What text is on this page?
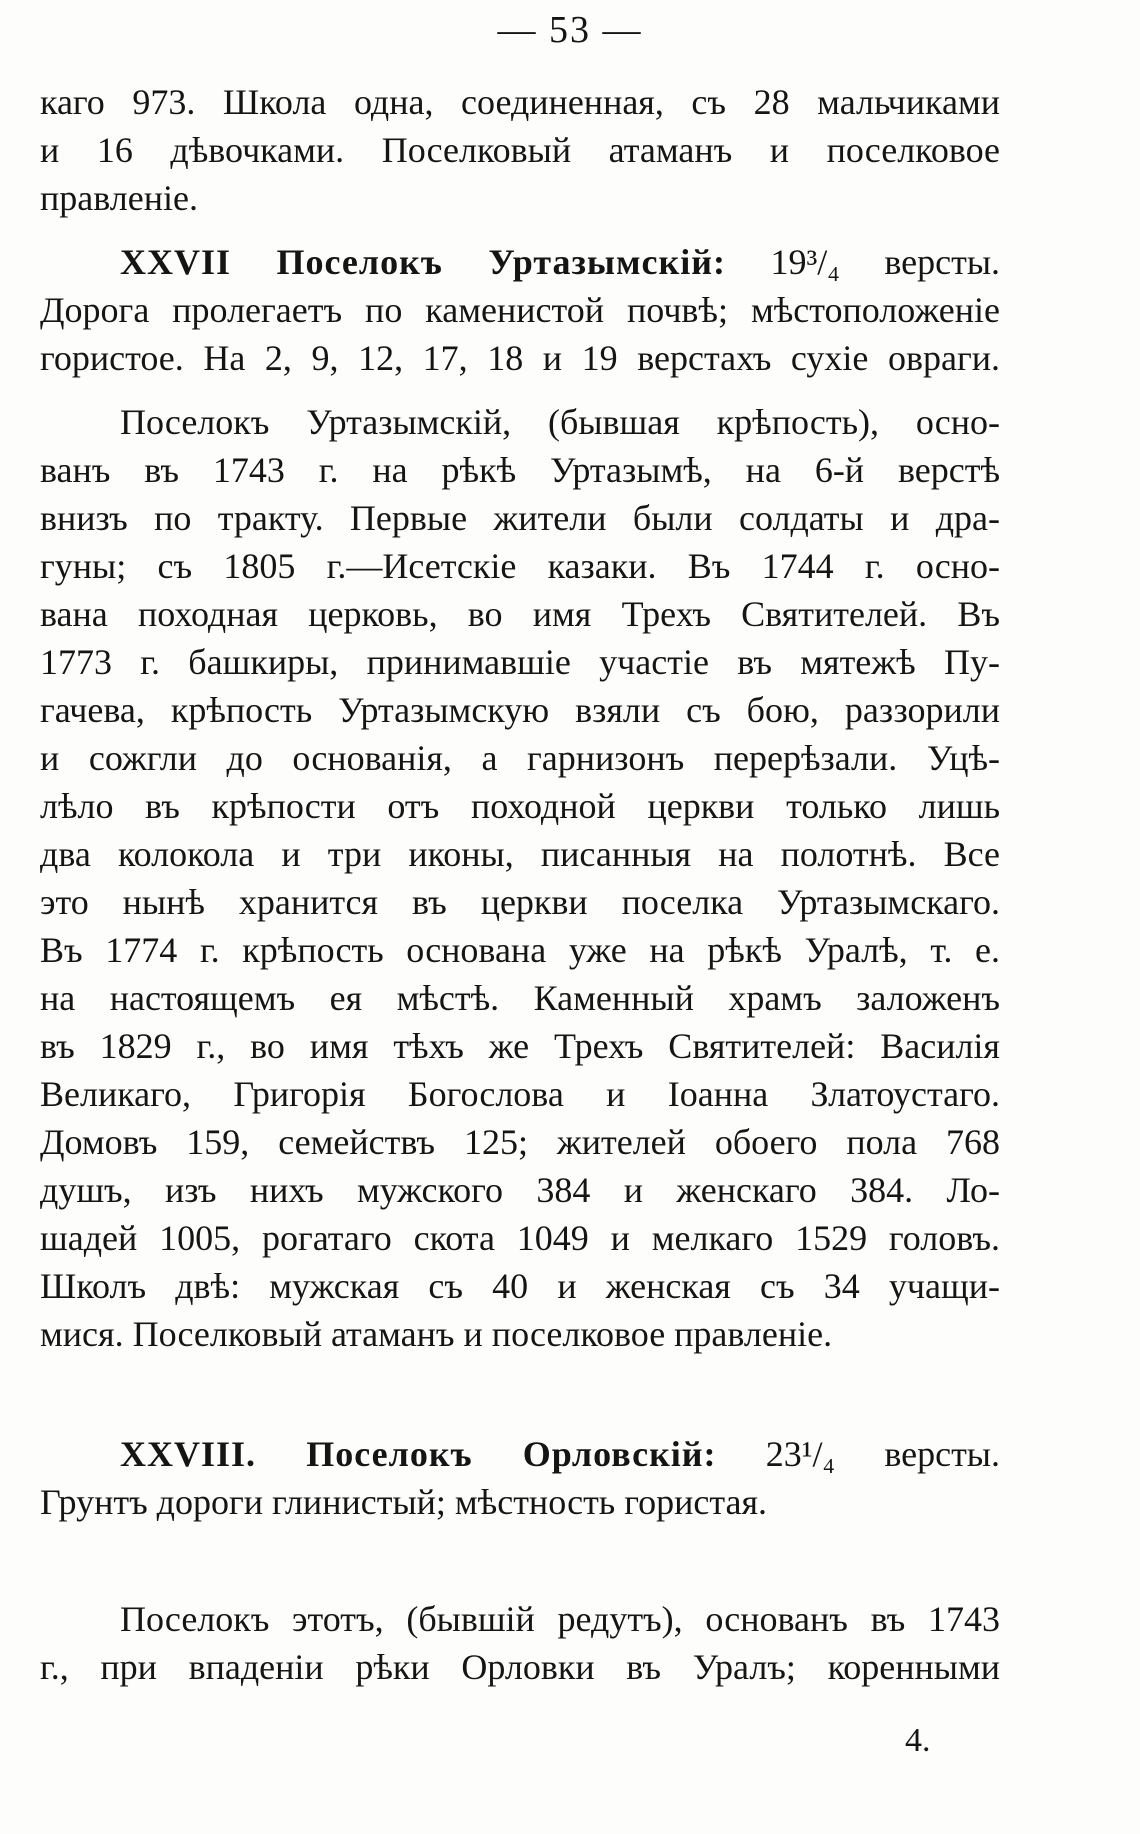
— 53 —
каго 973. Школа одна, соединенная, съ 28 мальчиками
и 16 дѣвочками. Поселковый атаманъ и поселковое
правленіе.
XXVII Поселокъ Уртазымскій: 19³/₄ версты.
Дорога пролегаетъ по каменистой почвѣ; мѣстоположеніе
гористое. На 2, 9, 12, 17, 18 и 19 верстахъ сухіе овраги.
Поселокъ Уртазымскій, (бывшая крѣпость), осно-
ванъ въ 1743 г. на рѣкѣ Уртазымѣ, на 6-й верстѣ
внизъ по тракту. Первые жители были солдаты и дра-
гуны; съ 1805 г.—Исетскіе казаки. Въ 1744 г. осно-
вана походная церковь, во имя Трехъ Святителей. Въ
1773 г. башкиры, принимавшіе участіе въ мятежѣ Пу-
гачева, крѣпость Уртазымскую взяли съ бою, раззорили
и сожгли до основанія, а гарнизонъ перерѣзали. Уцѣ-
лѣло въ крѣпости отъ походной церкви только лишь
два колокола и три иконы, писанныя на полотнѣ. Все
это нынѣ хранится въ церкви поселка Уртазымскаго.
Въ 1774 г. крѣпость основана уже на рѣкѣ Уралѣ, т. е.
на настоящемъ ея мѣстѣ. Каменный храмъ заложенъ
въ 1829 г., во имя тѣхъ же Трехъ Святителей: Василія
Великаго, Григорія Богослова и Іоанна Златоустаго.
Домовъ 159, семействъ 125; жителей обоего пола 768
душъ, изъ нихъ мужского 384 и женскаго 384. Ло-
шадей 1005, рогатаго скота 1049 и мелкаго 1529 головъ.
Школъ двѣ: мужская съ 40 и женская съ 34 учащи-
мися. Поселковый атаманъ и поселковое правленіе.
XXVIII. Поселокъ Орловскій: 23¹/₄ версты.
Грунтъ дороги глинистый; мѣстность гористая.
Поселокъ этотъ, (бывшій редутъ), основанъ въ 1743
г., при впаденіи рѣки Орловки въ Уралъ; коренными
4.
